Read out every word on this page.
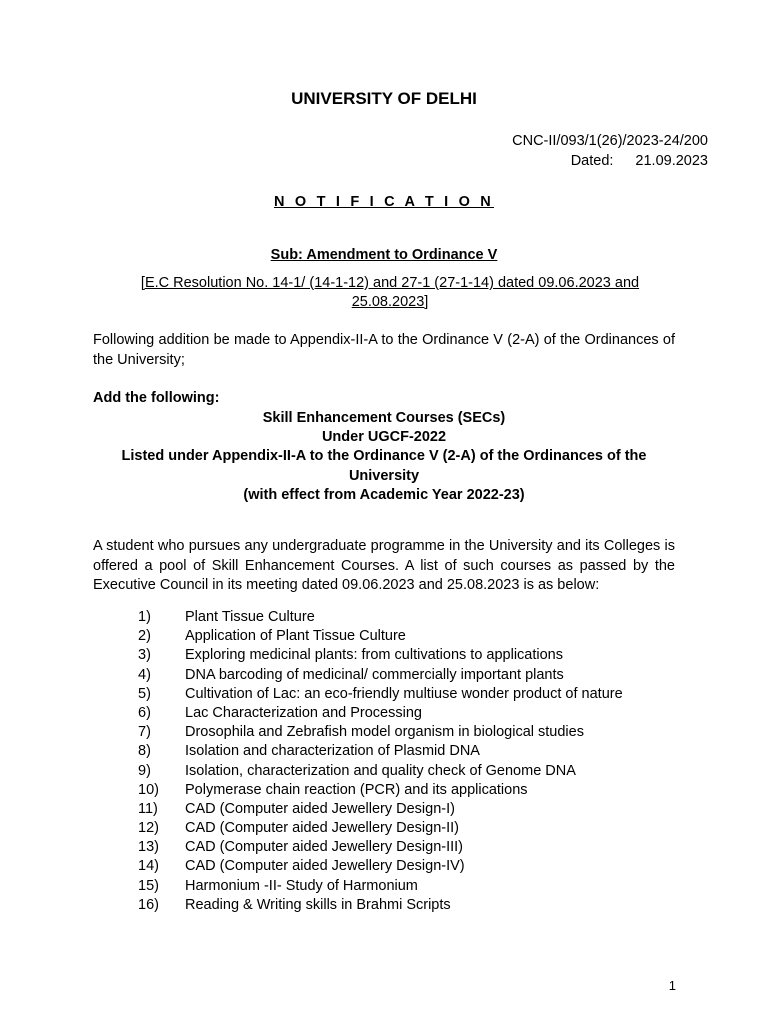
UNIVERSITY OF DELHI
CNC-II/093/1(26)/2023-24/200
Dated: 21.09.2023
N O T I F I C A T I O N
Sub: Amendment to Ordinance V
[E.C Resolution No. 14-1/ (14-1-12) and 27-1 (27-1-14) dated 09.06.2023 and
25.08.2023]
Following addition be made to Appendix-II-A to the Ordinance V (2-A) of the Ordinances of the University;
Add the following:
Skill Enhancement Courses (SECs)
Under UGCF-2022
Listed under Appendix-II-A to the Ordinance V (2-A) of the Ordinances of the
University
(with effect from Academic Year 2022-23)
A student who pursues any undergraduate programme in the University and its Colleges is offered a pool of Skill Enhancement Courses. A list of such courses as passed by the Executive Council in its meeting dated 09.06.2023 and 25.08.2023 is as below:
1) Plant Tissue Culture
2) Application of Plant Tissue Culture
3) Exploring medicinal plants: from cultivations to applications
4) DNA barcoding of medicinal/ commercially important plants
5) Cultivation of Lac: an eco-friendly multiuse wonder product of nature
6) Lac Characterization and Processing
7) Drosophila and Zebrafish model organism in biological studies
8) Isolation and characterization of Plasmid DNA
9) Isolation, characterization and quality check of Genome DNA
10) Polymerase chain reaction (PCR) and its applications
11) CAD (Computer aided Jewellery Design-I)
12) CAD (Computer aided Jewellery Design-II)
13) CAD (Computer aided Jewellery Design-III)
14) CAD (Computer aided Jewellery Design-IV)
15) Harmonium -II- Study of Harmonium
16) Reading & Writing skills in Brahmi Scripts
1
